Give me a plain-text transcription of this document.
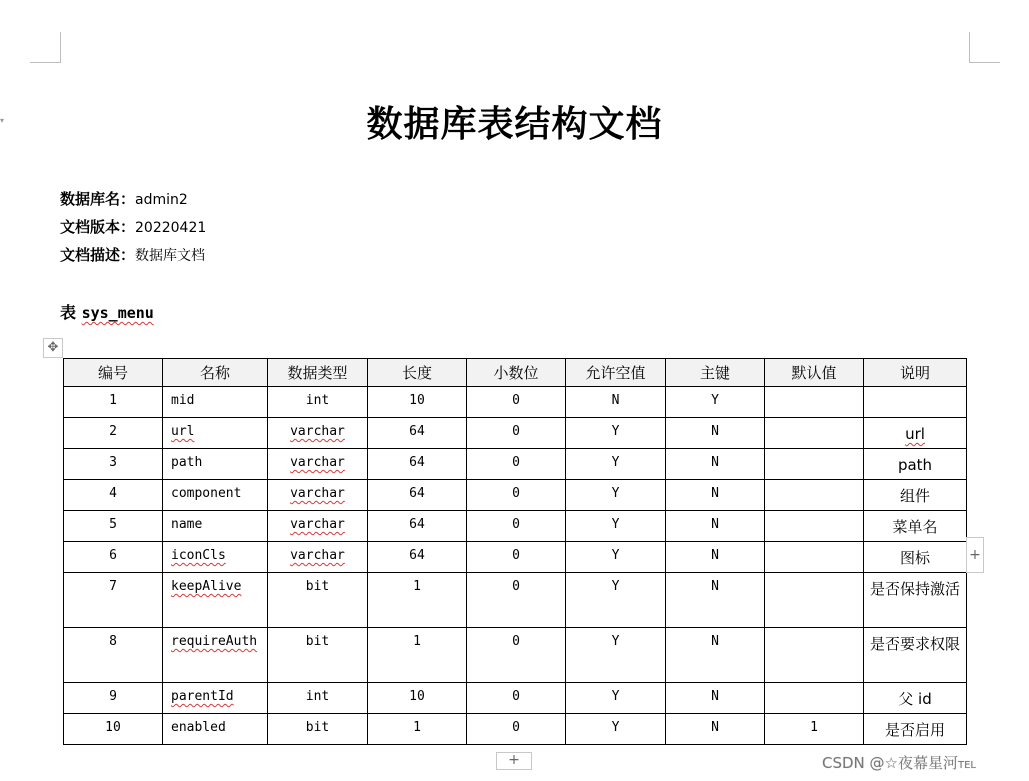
▾	数据库表结构文档
数据库名：admin2
文档版本：20220421
文档描述：数据库文档
表 sys_menu
✥
编号	名称	数据类型	长度	小数位	允许空值	主键	默认值	说明
1	mid	int	10	0	N	Y		
2	url	varchar	64	0	Y	N		url
3	path	varchar	64	0	Y	N		path
4	component	varchar	64	0	Y	N		组件
5	name	varchar	64	0	Y	N		菜单名
6	iconCls	varchar	64	0	Y	N		图标
7	keepAlive	bit	1	0	Y	N		是否保持激活
8	requireAuth	bit	1	0	Y	N		是否要求权限
9	parentId	int	10	0	Y	N		父 id
10	enabled	bit	1	0	Y	N	1	是否启用
+
+	CSDN @☆夜幕星河TEL
